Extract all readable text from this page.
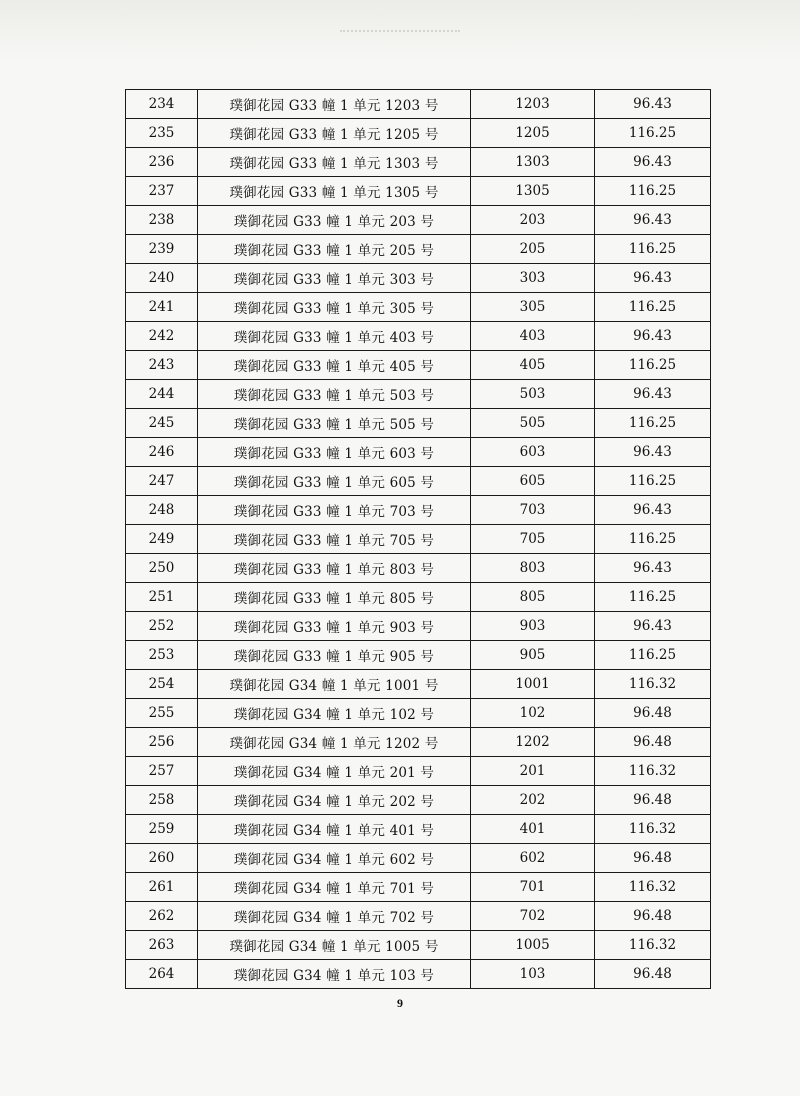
234	璞御花园 G33 幢 1 单元 1203 号	1203	96.43
235	璞御花园 G33 幢 1 单元 1205 号	1205	116.25
236	璞御花园 G33 幢 1 单元 1303 号	1303	96.43
237	璞御花园 G33 幢 1 单元 1305 号	1305	116.25
238	璞御花园 G33 幢 1 单元 203 号	203	96.43
239	璞御花园 G33 幢 1 单元 205 号	205	116.25
240	璞御花园 G33 幢 1 单元 303 号	303	96.43
241	璞御花园 G33 幢 1 单元 305 号	305	116.25
242	璞御花园 G33 幢 1 单元 403 号	403	96.43
243	璞御花园 G33 幢 1 单元 405 号	405	116.25
244	璞御花园 G33 幢 1 单元 503 号	503	96.43
245	璞御花园 G33 幢 1 单元 505 号	505	116.25
246	璞御花园 G33 幢 1 单元 603 号	603	96.43
247	璞御花园 G33 幢 1 单元 605 号	605	116.25
248	璞御花园 G33 幢 1 单元 703 号	703	96.43
249	璞御花园 G33 幢 1 单元 705 号	705	116.25
250	璞御花园 G33 幢 1 单元 803 号	803	96.43
251	璞御花园 G33 幢 1 单元 805 号	805	116.25
252	璞御花园 G33 幢 1 单元 903 号	903	96.43
253	璞御花园 G33 幢 1 单元 905 号	905	116.25
254	璞御花园 G34 幢 1 单元 1001 号	1001	116.32
255	璞御花园 G34 幢 1 单元 102 号	102	96.48
256	璞御花园 G34 幢 1 单元 1202 号	1202	96.48
257	璞御花园 G34 幢 1 单元 201 号	201	116.32
258	璞御花园 G34 幢 1 单元 202 号	202	96.48
259	璞御花园 G34 幢 1 单元 401 号	401	116.32
260	璞御花园 G34 幢 1 单元 602 号	602	96.48
261	璞御花园 G34 幢 1 单元 701 号	701	116.32
262	璞御花园 G34 幢 1 单元 702 号	702	96.48
263	璞御花园 G34 幢 1 单元 1005 号	1005	116.32
264	璞御花园 G34 幢 1 单元 103 号	103	96.48
9
